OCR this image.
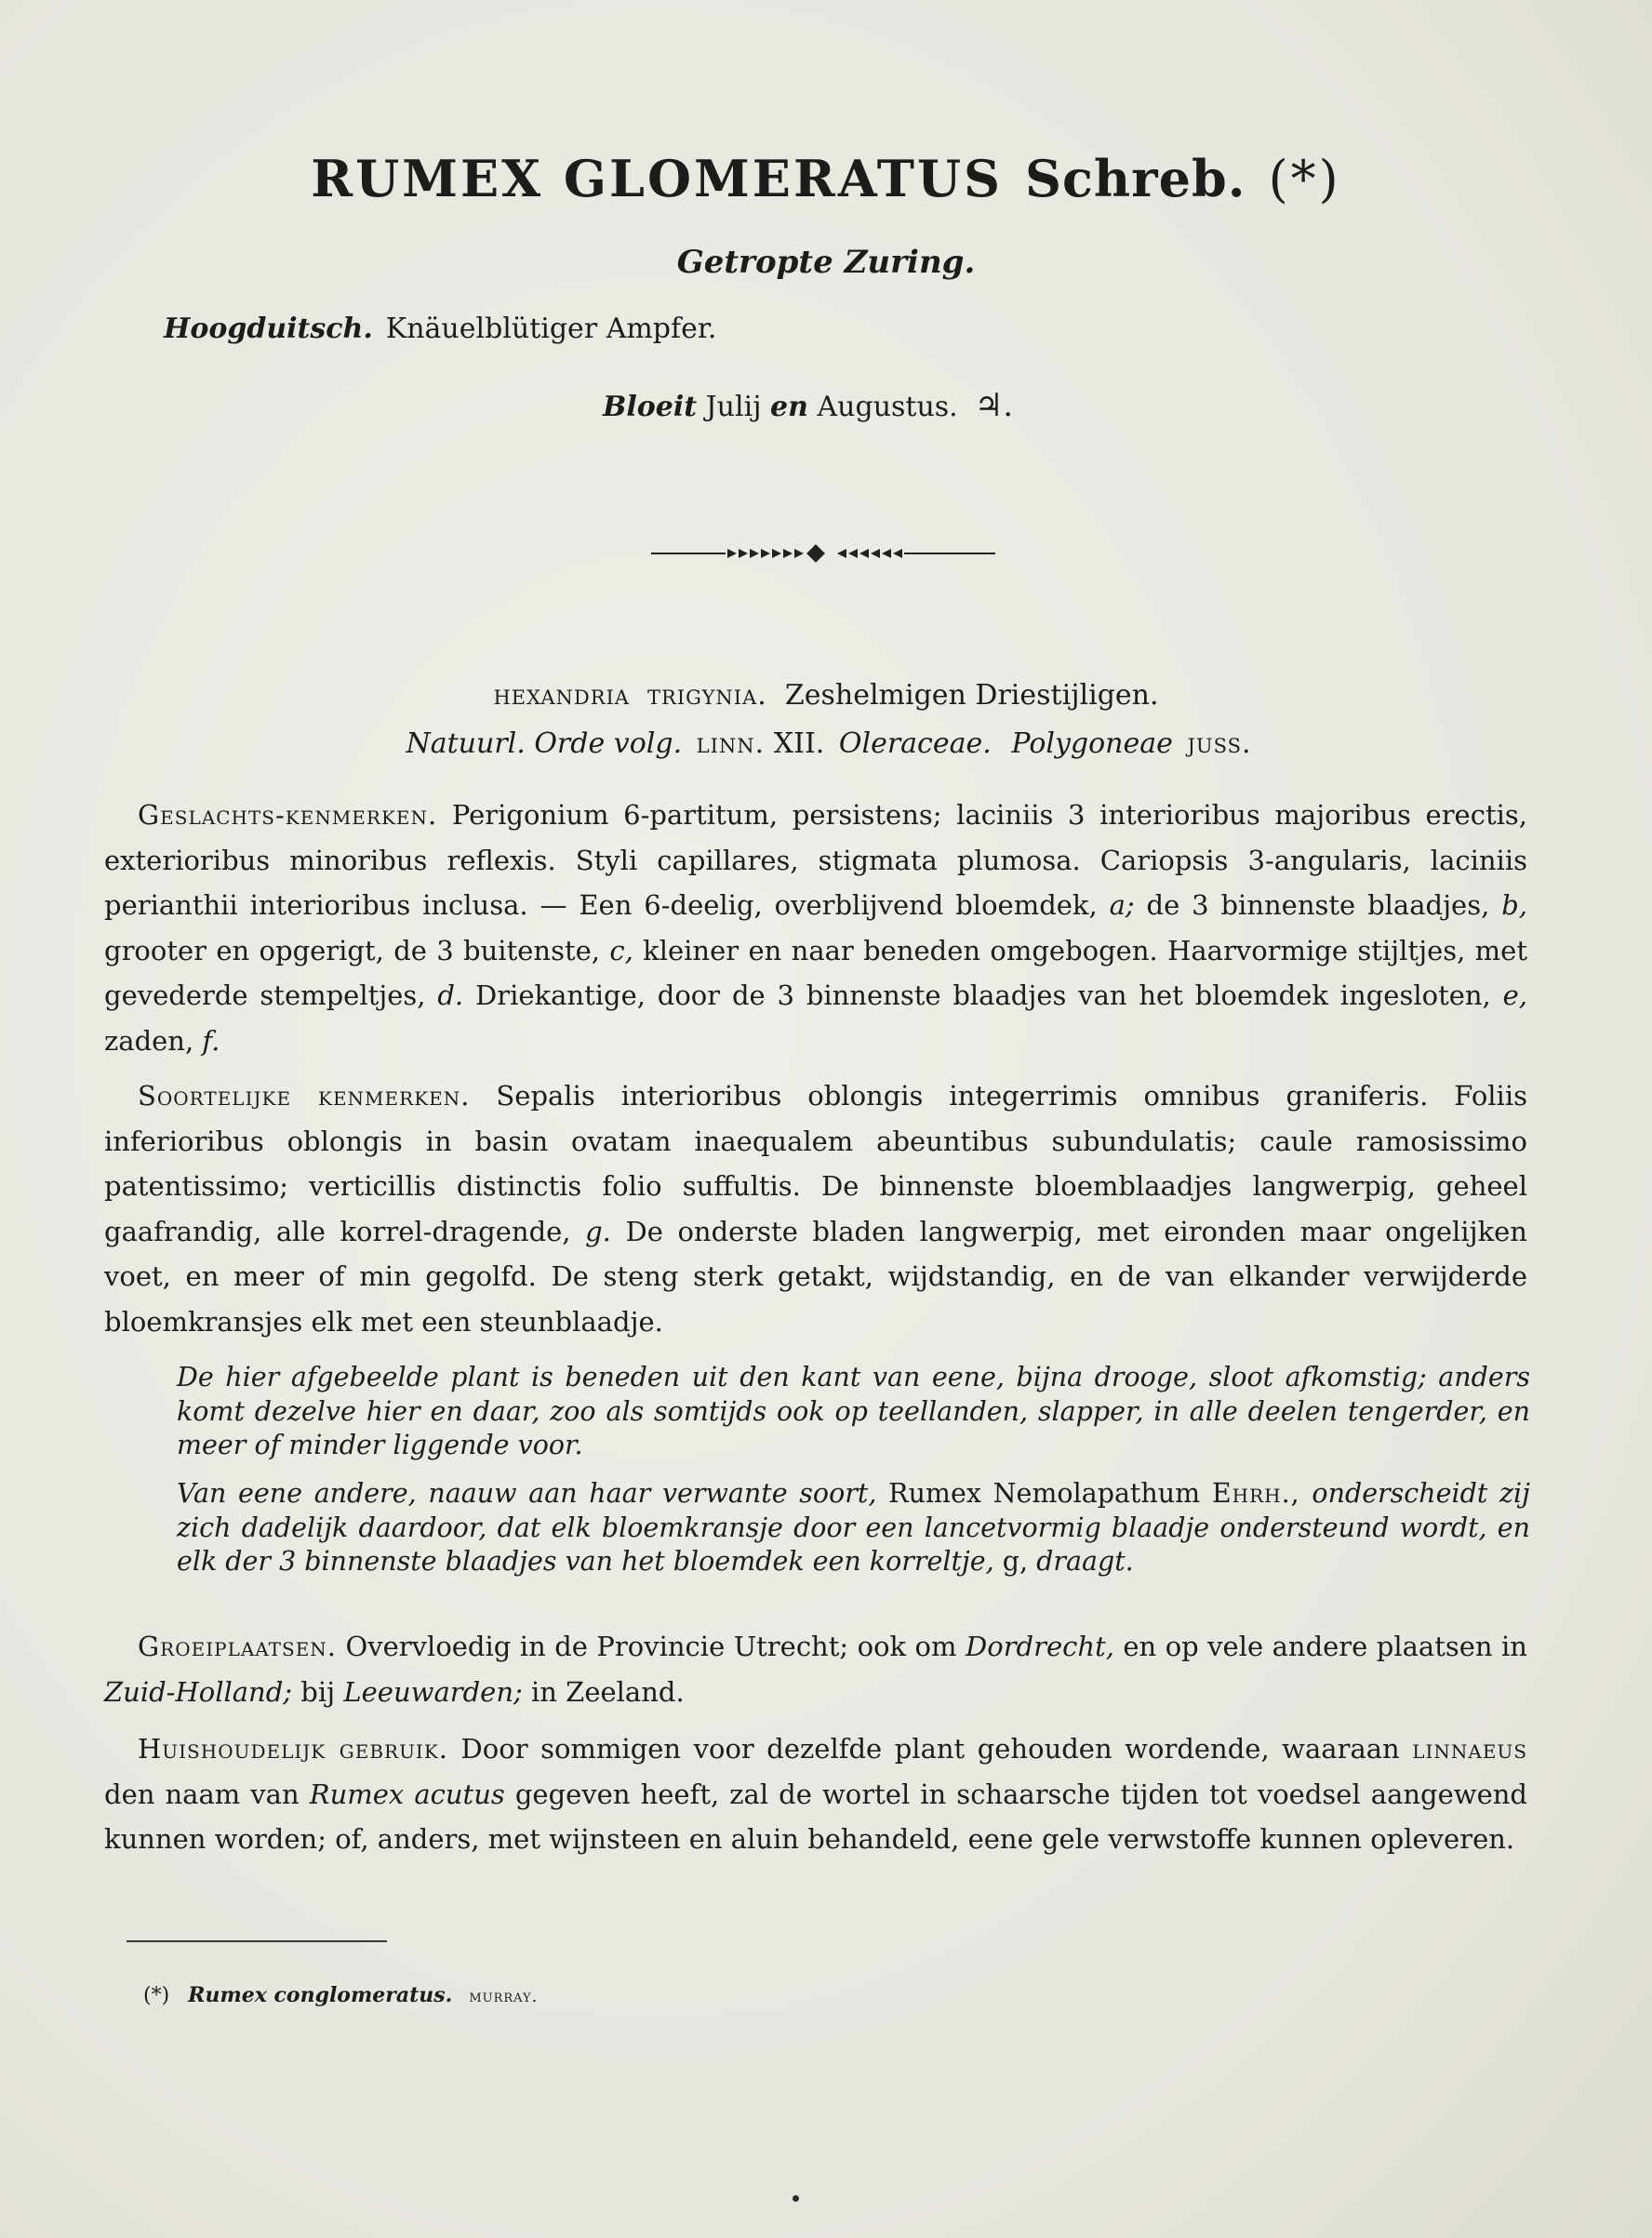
RUMEX GLOMERATUS Schreb. (*)
Getropte Zuring.
Hoogduitsch. Knäuelblütiger Ampfer.
Bloeit Julij en Augustus. ♃.
hexandria trigynia. Zeshelmigen Driestijligen.
Natuurl. Orde volg. linn. XII. Oleraceae. Polygoneae juss.

Geslachts-kenmerken. Perigonium 6-partitum, persistens; laciniis 3 interioribus majoribus erectis, exterioribus minoribus reflexis. Styli capillares, stigmata plumosa. Cariopsis 3-angularis, laciniis perianthii interioribus inclusa. — Een 6-deelig, overblijvend bloemdek, a; de 3 binnenste blaadjes, b, grooter en opgerigt, de 3 buitenste, c, kleiner en naar beneden omgebogen. Haarvormige stijltjes, met gevederde stempeltjes, d. Driekantige, door de 3 binnenste blaadjes van het bloemdek ingesloten, e, zaden, f.

Soortelijke kenmerken. Sepalis interioribus oblongis integerrimis omnibus graniferis. Foliis inferioribus oblongis in basin ovatam inaequalem abeuntibus subundulatis; caule ramosissimo patentissimo; verticillis distinctis folio suffultis. De binnenste bloemblaadjes langwerpig, geheel gaafrandig, alle korrel-dragende, g. De onderste bladen langwerpig, met eironden maar ongelijken voet, en meer of min gegolfd. De steng sterk getakt, wijdstandig, en de van elkander verwijderde bloemkransjes elk met een steunblaadje.

De hier afgebeelde plant is beneden uit den kant van eene, bijna drooge, sloot afkomstig; anders komt dezelve hier en daar, zoo als somtijds ook op teellanden, slapper, in alle deelen tengerder, en meer of minder liggende voor.

Van eene andere, naauw aan haar verwante soort, Rumex Nemolapathum Ehrh., onderscheidt zij zich dadelijk daardoor, dat elk bloemkransje door een lancetvormig blaadje ondersteund wordt, en elk der 3 binnenste blaadjes van het bloemdek een korreltje, g, draagt.

Groeiplaatsen. Overvloedig in de Provincie Utrecht; ook om Dordrecht, en op vele andere plaatsen in Zuid-Holland; bij Leeuwarden; in Zeeland.

Huishoudelijk gebruik. Door sommigen voor dezelfde plant gehouden wordende, waaraan linnaeus den naam van Rumex acutus gegeven heeft, zal de wortel in schaarsche tijden tot voedsel aangewend kunnen worden; of, anders, met wijnsteen en aluin behandeld, eene gele verwstoffe kunnen opleveren.

(*) Rumex conglomeratus. murray.
